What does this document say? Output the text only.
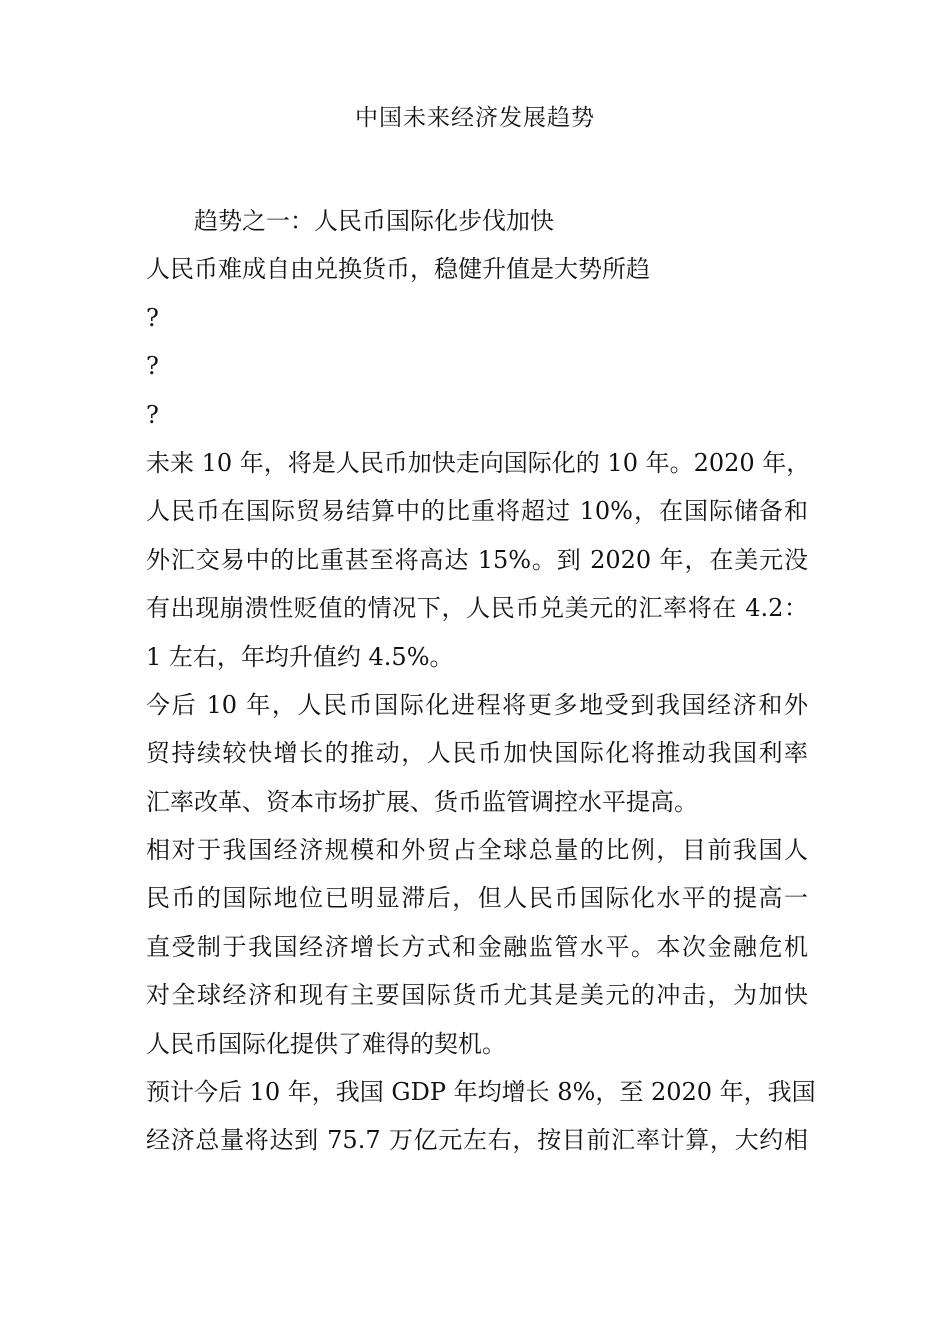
中国未来经济发展趋势
趋势之一：人民币国际化步伐加快
人民币难成自由兑换货币，稳健升值是大势所趋
?
?
?
未来 10 年，将是人民币加快走向国际化的 10 年。2020 年，
人民币在国际贸易结算中的比重将超过 10%，在国际储备和
外汇交易中的比重甚至将高达 15%。到 2020 年，在美元没
有出现崩溃性贬值的情况下，人民币兑美元的汇率将在 4.2：
1 左右，年均升值约 4.5%。
今后 10 年，人民币国际化进程将更多地受到我国经济和外
贸持续较快增长的推动，人民币加快国际化将推动我国利率
汇率改革、资本市场扩展、货币监管调控水平提高。
相对于我国经济规模和外贸占全球总量的比例，目前我国人
民币的国际地位已明显滞后，但人民币国际化水平的提高一
直受制于我国经济增长方式和金融监管水平。本次金融危机
对全球经济和现有主要国际货币尤其是美元的冲击，为加快
人民币国际化提供了难得的契机。
预计今后 10 年，我国 GDP 年均增长 8%，至 2020 年，我国
经济总量将达到 75.7 万亿元左右，按目前汇率计算，大约相
